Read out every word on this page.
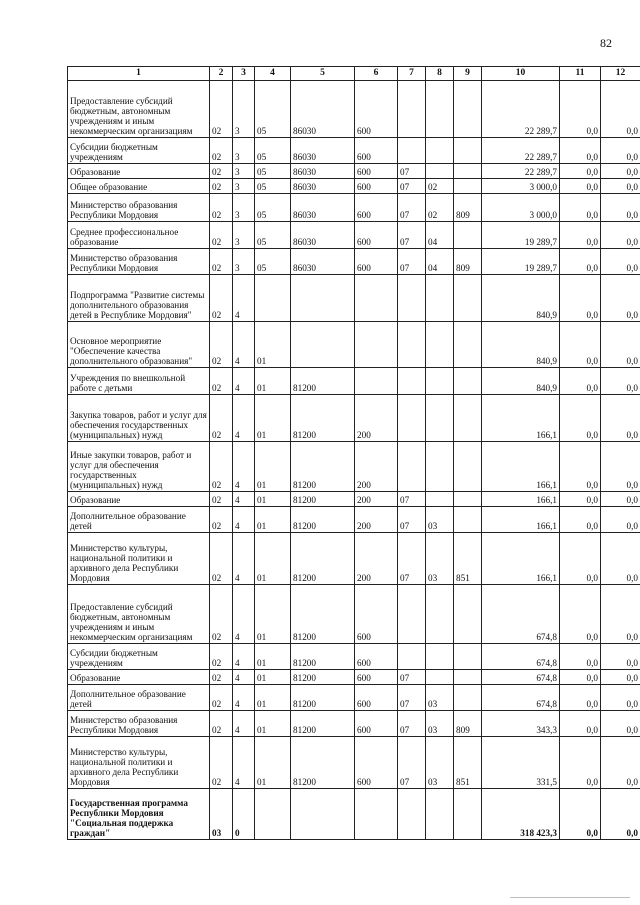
82
1	2	3	4	5	6	7	8	9	10	11	12
Предоставление субсидий бюджетным, автономным учреждениям и иным некоммерческим организациям	02	3	05	86030	600				22 289,7	0,0	0,0
Субсидии бюджетным учреждениям	02	3	05	86030	600				22 289,7	0,0	0,0
Образование	02	3	05	86030	600	07			22 289,7	0,0	0,0
Общее образование	02	3	05	86030	600	07	02		3 000,0	0,0	0,0
Министерство образования Республики Мордовия	02	3	05	86030	600	07	02	809	3 000,0	0,0	0,0
Среднее профессиональное образование	02	3	05	86030	600	07	04		19 289,7	0,0	0,0
Министерство образования Республики Мордовия	02	3	05	86030	600	07	04	809	19 289,7	0,0	0,0
Подпрограмма "Развитие системы дополнительного образования детей в Республике Мордовия"	02	4							840,9	0,0	0,0
Основное мероприятие "Обеспечение качества дополнительного образования"	02	4	01						840,9	0,0	0,0
Учреждения по внешкольной работе с детьми	02	4	01	81200					840,9	0,0	0,0
Закупка товаров, работ и услуг для обеспечения государственных (муниципальных) нужд	02	4	01	81200	200				166,1	0,0	0,0
Иные закупки товаров, работ и услуг для обеспечения государственных (муниципальных) нужд	02	4	01	81200	200				166,1	0,0	0,0
Образование	02	4	01	81200	200	07			166,1	0,0	0,0
Дополнительное образование детей	02	4	01	81200	200	07	03		166,1	0,0	0,0
Министерство культуры, национальной политики и архивного дела Республики Мордовия	02	4	01	81200	200	07	03	851	166,1	0,0	0,0
Предоставление субсидий бюджетным, автономным учреждениям и иным некоммерческим организациям	02	4	01	81200	600				674,8	0,0	0,0
Субсидии бюджетным учреждениям	02	4	01	81200	600				674,8	0,0	0,0
Образование	02	4	01	81200	600	07			674,8	0,0	0,0
Дополнительное образование детей	02	4	01	81200	600	07	03		674,8	0,0	0,0
Министерство образования Республики Мордовия	02	4	01	81200	600	07	03	809	343,3	0,0	0,0
Министерство культуры, национальной политики и архивного дела Республики Мордовия	02	4	01	81200	600	07	03	851	331,5	0,0	0,0
Государственная программа Республики Мордовия "Социальная поддержка граждан"	03	0							318 423,3	0,0	0,0
